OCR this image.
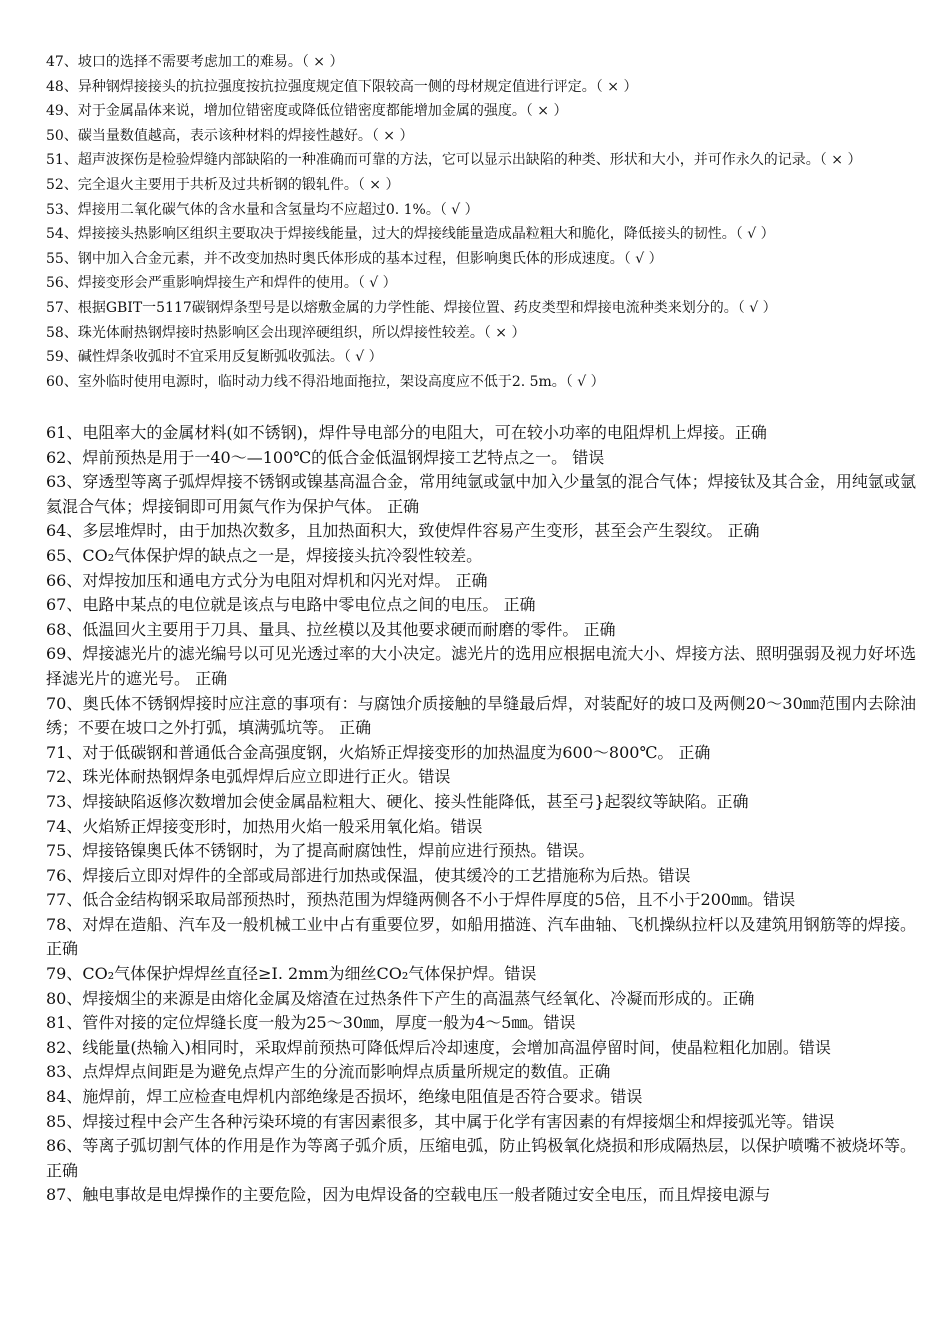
47、坡口的选择不需要考虑加工的难易。（ × ）

48、异种钢焊接接头的抗拉强度按抗拉强度规定值下限较高一侧的母材规定值进行评定。（ × ）

49、对于金属晶体来说，增加位错密度或降低位错密度都能增加金属的强度。（ × ）

50、碳当量数值越高，表示该种材料的焊接性越好。（ × ）

51、超声波探伤是检验焊缝内部缺陷的一种准确而可靠的方法，它可以显示出缺陷的种类、形状和大小，并可作永久的记录。（ × ）

52、完全退火主要用于共析及过共析钢的锻轧件。（ × ）

53、焊接用二氧化碳气体的含水量和含氢量均不应超过0. 1%。（ √ ）

54、焊接接头热影响区组织主要取决于焊接线能量，过大的焊接线能量造成晶粒粗大和脆化，降低接头的韧性。（ √ ）

55、钢中加入合金元素，并不改变加热时奥氏体形成的基本过程，但影响奥氏体的形成速度。（ √ ）

56、焊接变形会严重影响焊接生产和焊件的使用。（ √ ）

57、根据GBIT一5117碳钢焊条型号是以熔敷金属的力学性能、焊接位置、药皮类型和焊接电流种类来划分的。（ √ ）

58、珠光体耐热钢焊接时热影响区会出现淬硬组织，所以焊接性较差。（ × ）

59、碱性焊条收弧时不宜采用反复断弧收弧法。（ √ ）

60、室外临时使用电源时，临时动力线不得沿地面拖拉，架设高度应不低于2. 5m。（ √ ）

61、电阻率大的金属材料(如不锈钢)，焊件导电部分的电阻大，可在较小功率的电阻焊机上焊接。正确

62、焊前预热是用于一40～—100℃的低合金低温钢焊接工艺特点之一。 错误

63、穿透型等离子弧焊焊接不锈钢或镍基高温合金，常用纯氩或氩中加入少量氢的混合气体；焊接钛及其合金，用纯氩或氩氦混合气体；焊接铜即可用氮气作为保护气体。 正确

64、多层堆焊时，由于加热次数多，且加热面积大，致使焊件容易产生变形，甚至会产生裂纹。 正确

65、CO₂气体保护焊的缺点之一是，焊接接头抗冷裂性较差。

66、对焊按加压和通电方式分为电阻对焊机和闪光对焊。 正确

67、电路中某点的电位就是该点与电路中零电位点之间的电压。 正确

68、低温回火主要用于刀具、量具、拉丝模以及其他要求硬而耐磨的零件。 正确

69、焊接滤光片的滤光编号以可见光透过率的大小决定。滤光片的选用应根据电流大小、焊接方法、照明强弱及视力好坏选择滤光片的遮光号。 正确

70、奥氏体不锈钢焊接时应注意的事项有：与腐蚀介质接触的旱缝最后焊，对装配好的坡口及两侧20～30㎜范围内去除油绣；不要在坡口之外打弧，填满弧坑等。 正确

71、对于低碳钢和普通低合金高强度钢，火焰矫正焊接变形的加热温度为600～800℃。 正确

72、珠光体耐热钢焊条电弧焊焊后应立即进行正火。错误

73、焊接缺陷返修次数增加会使金属晶粒粗大、硬化、接头性能降低，甚至弓}起裂纹等缺陷。正确

74、火焰矫正焊接变形时，加热用火焰一般采用氧化焰。错误

75、焊接铬镍奥氏体不锈钢时，为了提高耐腐蚀性，焊前应进行预热。错误。

76、焊接后立即对焊件的全部或局部进行加热或保温，使其缓冷的工艺措施称为后热。错误

77、低合金结构钢采取局部预热时，预热范围为焊缝两侧各不小于焊件厚度的5倍，且不小于200㎜。错误

78、对焊在造船、汽车及一般机械工业中占有重要位罗，如船用描涟、汽车曲轴、飞机操纵拉杆以及建筑用钢筋等的焊接。正确

79、CO₂气体保护焊焊丝直径≥I. 2mm为细丝CO₂气体保护焊。错误

80、焊接烟尘的来源是由熔化金属及熔渣在过热条件下产生的高温蒸气经氧化、冷凝而形成的。正确

81、管件对接的定位焊缝长度一般为25～30㎜，厚度一般为4～5㎜。错误

82、线能量(热输入)相同时，采取焊前预热可降低焊后冷却速度，会增加高温停留时间，使晶粒粗化加剧。错误

83、点焊焊点间距是为避免点焊产生的分流而影响焊点质量所规定的数值。正确

84、施焊前，焊工应检查电焊机内部绝缘是否损坏，绝缘电阻值是否符合要求。错误

85、焊接过程中会产生各种污染环境的有害因素很多，其中属于化学有害因素的有焊接烟尘和焊接弧光等。错误

86、等离子弧切割气体的作用是作为等离子弧介质，压缩电弧，防止钨极氧化烧损和形成隔热层，以保护喷嘴不被烧坏等。正确

87、触电事故是电焊操作的主要危险，因为电焊设备的空载电压一般者随过安全电压，而且焊接电源与
